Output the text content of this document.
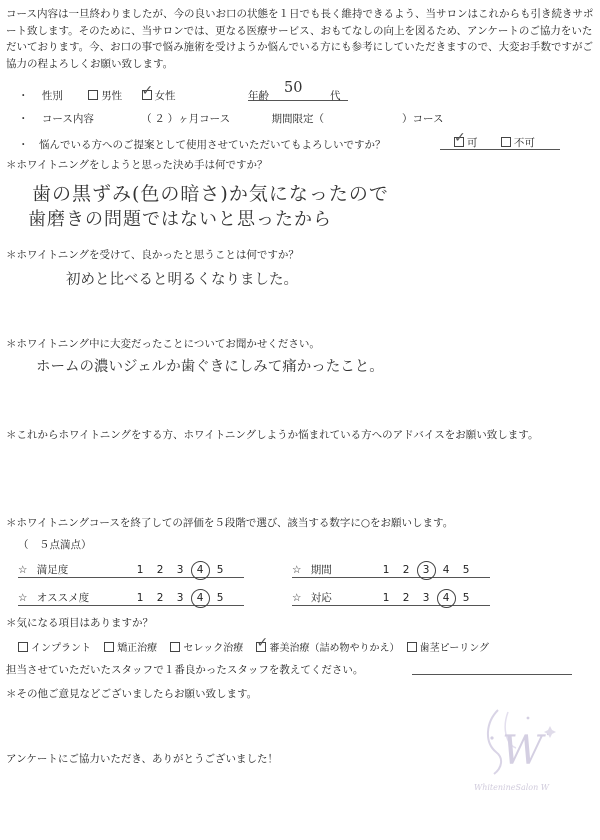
コース内容は一旦終わりましたが、今の良いお口の状態を１日でも長く維持できるよう、当サロンはこれからも引き続きサポート致します。そのために、当サロンでは、更なる医療サービス、おもてなしの向上を図るため、アンケートのご協力をいただいております。今、お口の事で悩み施術を受けようか悩んでいる方にも参考にしていただきますので、大変お手数ですがご協力の程よろしくお願い致します。
・ 性別	男性 ✓	女性	年齢 50	代
・ コース内容	（ ２ ）ヶ月コース	期間限定（	）コース
・　悩んでいる方へのご提案として使用させていただいてもよろしいですか？ ✓	可	不可
＊ホワイトニングをしようと思った決め手は何ですか？
歯の黒ずみ(色の暗さ)か気になったので
歯磨きの問題ではないと思ったから
＊ホワイトニングを受けて、良かったと思うことは何ですか？
初めと比べると明るくなりました。
＊ホワイトニング中に大変だったことについてお聞かせください。
ホームの濃いジェルか歯ぐきにしみて痛かったこと。
＊これからホワイトニングをする方、ホワイトニングしようか悩まれている方へのアドバイスをお願い致します。
＊ホワイトニングコースを終了しての評価を５段階で選び、該当する数字に○をお願いします。
（　５点満点）
☆ 満足度	1 2 3 4 5	☆ 期間	1 2 3 4 5
☆ オススメ度	1 2 3 4 5	☆ 対応	1 2 3 4 5
＊気になる項目はありますか？
インプラント	矯正治療	セレック治療 ✓	審美治療（詰め物やりかえ） 歯茎ピーリング
担当させていただいたスタッフで１番良かったスタッフを教えてください。
＊その他ご意見などございましたらお願い致します。
アンケートにご協力いただき、ありがとうございました！	W
WhitenineSalon W
